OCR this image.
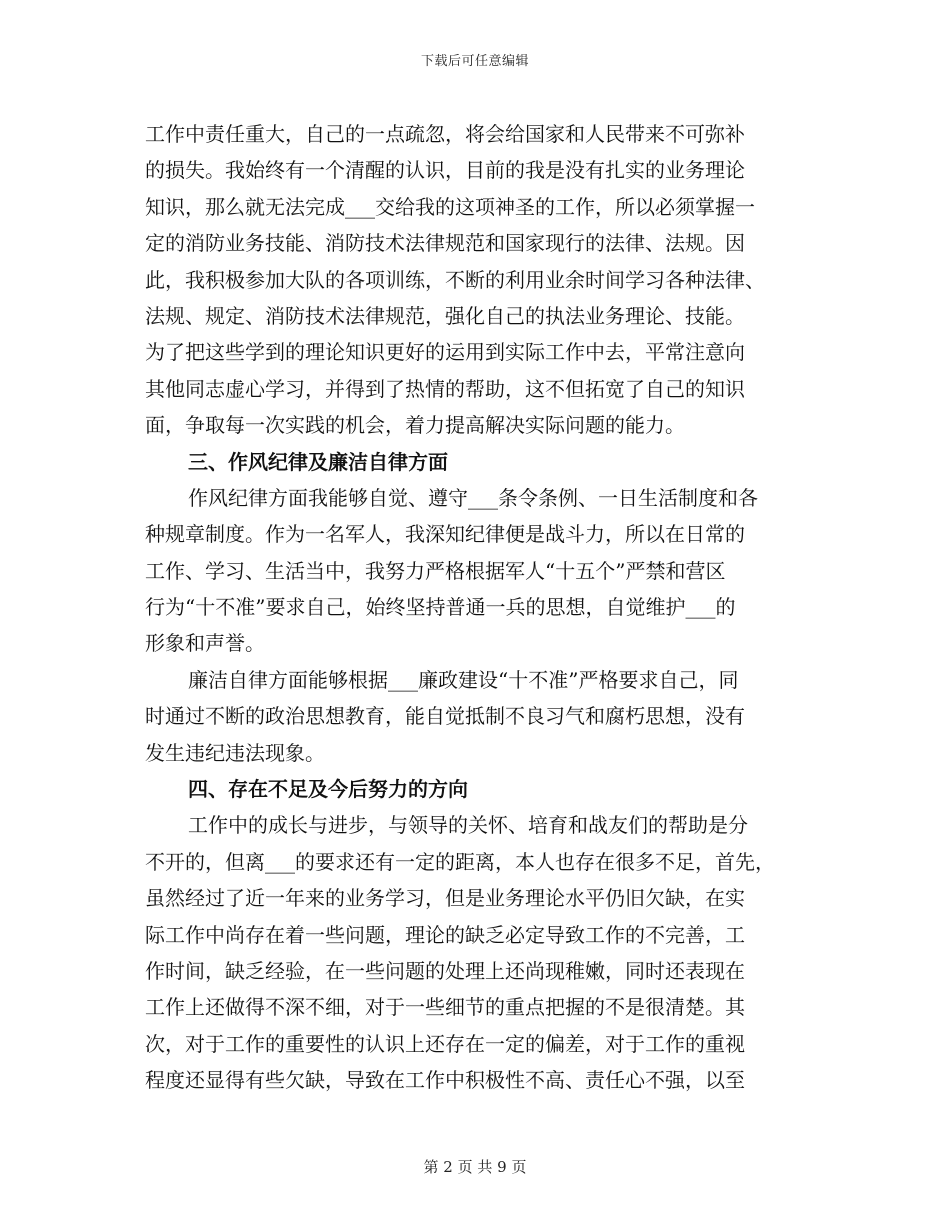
下载后可任意编辑
工作中责任重大，自己的一点疏忽，将会给国家和人民带来不可弥补
的损失。我始终有一个清醒的认识，目前的我是没有扎实的业务理论
知识，那么就无法完成___交给我的这项神圣的工作，所以必须掌握一
定的消防业务技能、消防技术法律规范和国家现行的法律、法规。因
此，我积极参加大队的各项训练，不断的利用业余时间学习各种法律、
法规、规定、消防技术法律规范，强化自己的执法业务理论、技能。
为了把这些学到的理论知识更好的运用到实际工作中去，平常注意向
其他同志虚心学习，并得到了热情的帮助，这不但拓宽了自己的知识
面，争取每一次实践的机会，着力提高解决实际问题的能力。
三、作风纪律及廉洁自律方面
作风纪律方面我能够自觉、遵守___条令条例、一日生活制度和各
种规章制度。作为一名军人，我深知纪律便是战斗力，所以在日常的
工作、学习、生活当中，我努力严格根据军人“十五个”严禁和营区
行为“十不准”要求自己，始终坚持普通一兵的思想，自觉维护___的
形象和声誉。
廉洁自律方面能够根据___廉政建设“十不准”严格要求自己，同
时通过不断的政治思想教育，能自觉抵制不良习气和腐朽思想，没有
发生违纪违法现象。
四、存在不足及今后努力的方向
工作中的成长与进步，与领导的关怀、培育和战友们的帮助是分
不开的，但离___的要求还有一定的距离，本人也存在很多不足，首先，
虽然经过了近一年来的业务学习，但是业务理论水平仍旧欠缺，在实
际工作中尚存在着一些问题，理论的缺乏必定导致工作的不完善，工
作时间，缺乏经验，在一些问题的处理上还尚现稚嫩，同时还表现在
工作上还做得不深不细，对于一些细节的重点把握的不是很清楚。其
次，对于工作的重要性的认识上还存在一定的偏差，对于工作的重视
程度还显得有些欠缺，导致在工作中积极性不高、责任心不强，以至
第 2 页 共 9 页
